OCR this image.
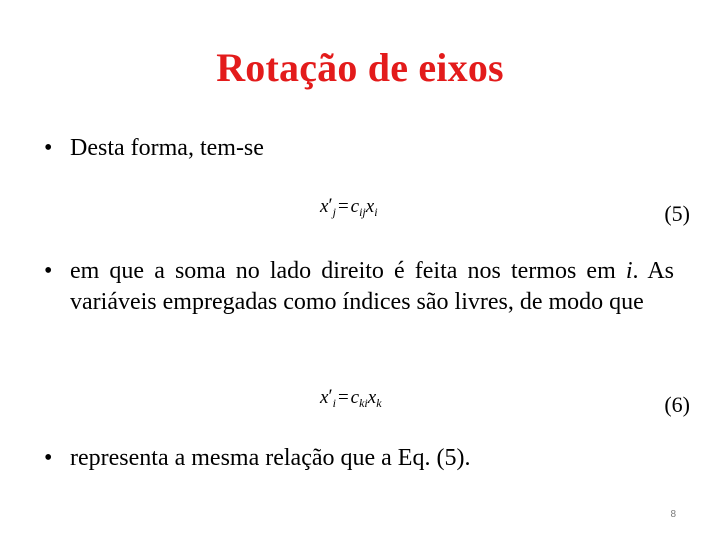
Rotação de eixos
• Desta forma, tem-se
$x'_j = c_{ij}x_i$	(5)
• em que a soma no lado direito é feita nos termos em i. As variáveis empregadas como índices são livres, de modo que
$x'_i = c_{ki}x_k$	(6)
• representa a mesma relação que a Eq. (5).
8
